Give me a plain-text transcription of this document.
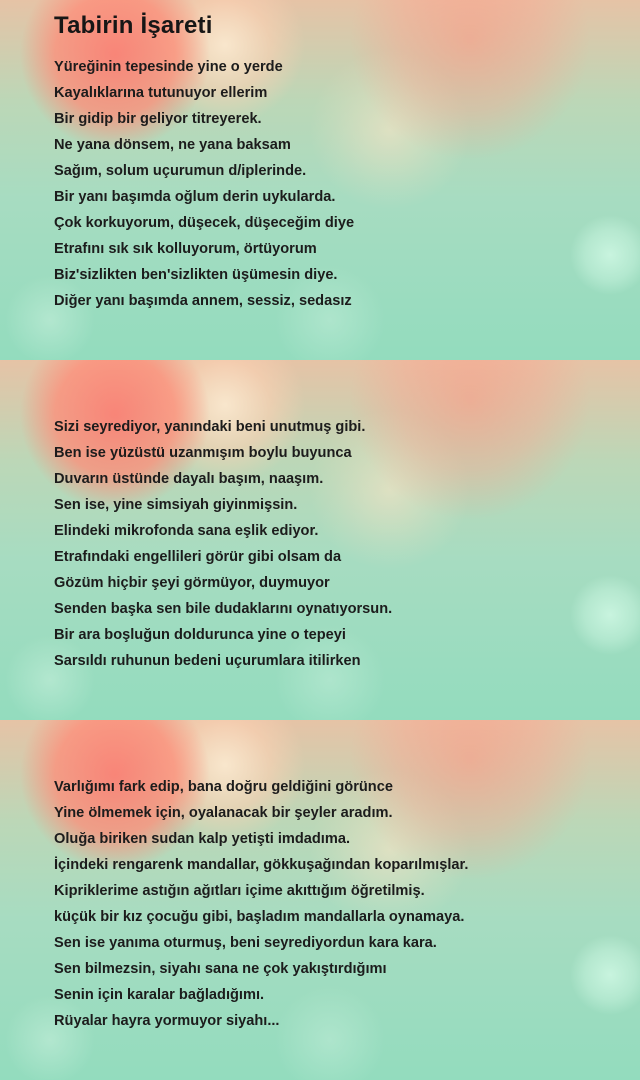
Tabirin İşareti
Yüreğinin tepesinde yine o yerde
Kayalıklarına tutunuyor ellerim
Bir gidip bir geliyor titreyerek.
Ne yana dönsem, ne yana baksam
Sağım, solum uçurumun d/iplerinde.
Bir yanı başımda oğlum derin uykularda.
Çok korkuyorum, düşecek, düşeceğim diye
Etrafını sık sık kolluyorum, örtüyorum
Biz'sizlikten ben'sizlikten üşümesin diye.
Diğer yanı başımda annem, sessiz, sedasız
Sizi seyrediyor, yanındaki beni unutmuş gibi.
Ben ise yüzüstü uzanmışım boylu buyunca
Duvarın üstünde dayalı başım, naaşım.
Sen ise, yine simsiyah giyinmişsin.
Elindeki mikrofonda sana eşlik ediyor.
Etrafındaki engellileri görür gibi olsam da
Gözüm hiçbir şeyi görmüyor, duymuyor
Senden başka sen bile dudaklarını oynatıyorsun.
Bir ara boşluğun doldurunca yine o tepeyi
Sarsıldı ruhunun bedeni uçurumlara itilirken
Varlığımı fark edip, bana doğru geldiğini görünce
Yine ölmemek için, oyalanacak bir şeyler aradım.
Oluğa biriken sudan kalp yetişti imdadıma.
İçindeki rengarenk mandallar, gökkuşağından koparılmışlar.
Kipriklerime astığın ağıtları içime akıttığım öğretilmiş.
küçük bir kız çocuğu gibi, başladım mandallarla oynamaya.
Sen ise yanıma oturmuş, beni seyrediyordun kara kara.
Sen bilmezsin, siyahı sana ne çok yakıştırdığımı
Senin için karalar bağladığımı.
Rüyalar hayra yormuyor siyahı...
